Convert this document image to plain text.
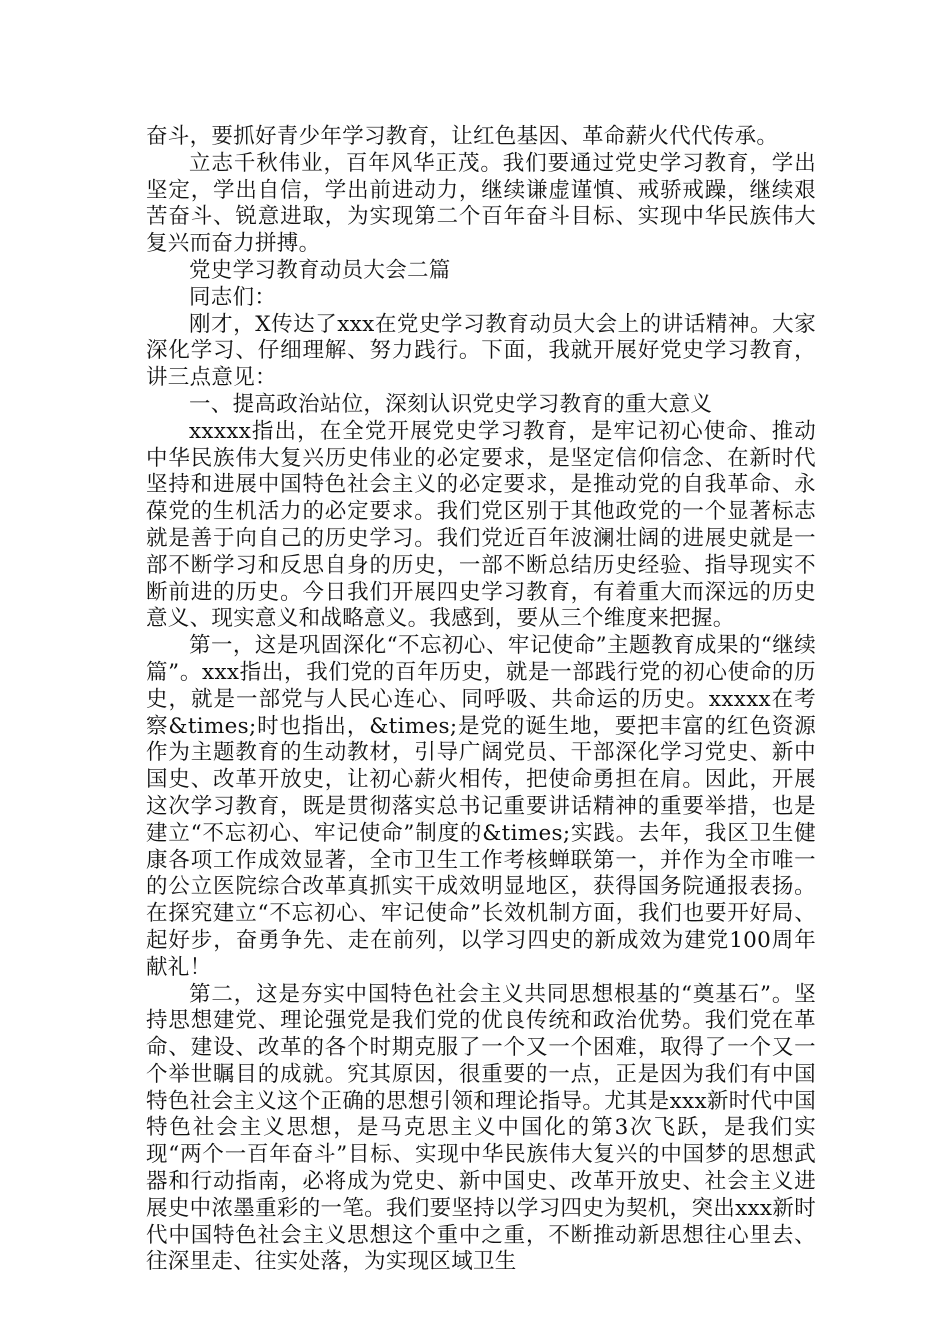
奋斗，要抓好青少年学习教育，让红色基因、革命薪火代代传承。

立志千秋伟业，百年风华正茂。我们要通过党史学习教育，学出坚定，学出自信，学出前进动力，继续谦虚谨慎、戒骄戒躁，继续艰苦奋斗、锐意进取，为实现第二个百年奋斗目标、实现中华民族伟大复兴而奋力拼搏。

党史学习教育动员大会二篇

同志们：

刚才，X传达了xxx在党史学习教育动员大会上的讲话精神。大家深化学习、仔细理解、努力践行。下面，我就开展好党史学习教育，讲三点意见：

一、提高政治站位，深刻认识党史学习教育的重大意义

xxxxx指出，在全党开展党史学习教育，是牢记初心使命、推动中华民族伟大复兴历史伟业的必定要求，是坚定信仰信念、在新时代坚持和进展中国特色社会主义的必定要求，是推动党的自我革命、永葆党的生机活力的必定要求。我们党区别于其他政党的一个显著标志就是善于向自己的历史学习。我们党近百年波澜壮阔的进展史就是一部不断学习和反思自身的历史，一部不断总结历史经验、指导现实不断前进的历史。今日我们开展四史学习教育，有着重大而深远的历史意义、现实意义和战略意义。我感到，要从三个维度来把握。

第一，这是巩固深化“不忘初心、牢记使命”主题教育成果的“继续篇”。xxx指出，我们党的百年历史，就是一部践行党的初心使命的历史，就是一部党与人民心连心、同呼吸、共命运的历史。xxxxx在考察&times;时也指出，&times;是党的诞生地，要把丰富的红色资源作为主题教育的生动教材，引导广阔党员、干部深化学习党史、新中国史、改革开放史，让初心薪火相传，把使命勇担在肩。因此，开展这次学习教育，既是贯彻落实总书记重要讲话精神的重要举措，也是建立“不忘初心、牢记使命”制度的&times;实践。去年，我区卫生健康各项工作成效显著，全市卫生工作考核蝉联第一，并作为全市唯一的公立医院综合改革真抓实干成效明显地区，获得国务院通报表扬。在探究建立“不忘初心、牢记使命”长效机制方面，我们也要开好局、起好步，奋勇争先、走在前列，以学习四史的新成效为建党100周年献礼！

第二，这是夯实中国特色社会主义共同思想根基的“奠基石”。坚持思想建党、理论强党是我们党的优良传统和政治优势。我们党在革命、建设、改革的各个时期克服了一个又一个困难，取得了一个又一个举世瞩目的成就。究其原因，很重要的一点，正是因为我们有中国特色社会主义这个正确的思想引领和理论指导。尤其是xxx新时代中国特色社会主义思想，是马克思主义中国化的第3次飞跃，是我们实现“两个一百年奋斗”目标、实现中华民族伟大复兴的中国梦的思想武器和行动指南，必将成为党史、新中国史、改革开放史、社会主义进展史中浓墨重彩的一笔。我们要坚持以学习四史为契机，突出xxx新时代中国特色社会主义思想这个重中之重，不断推动新思想往心里去、往深里走、往实处落，为实现区域卫生
